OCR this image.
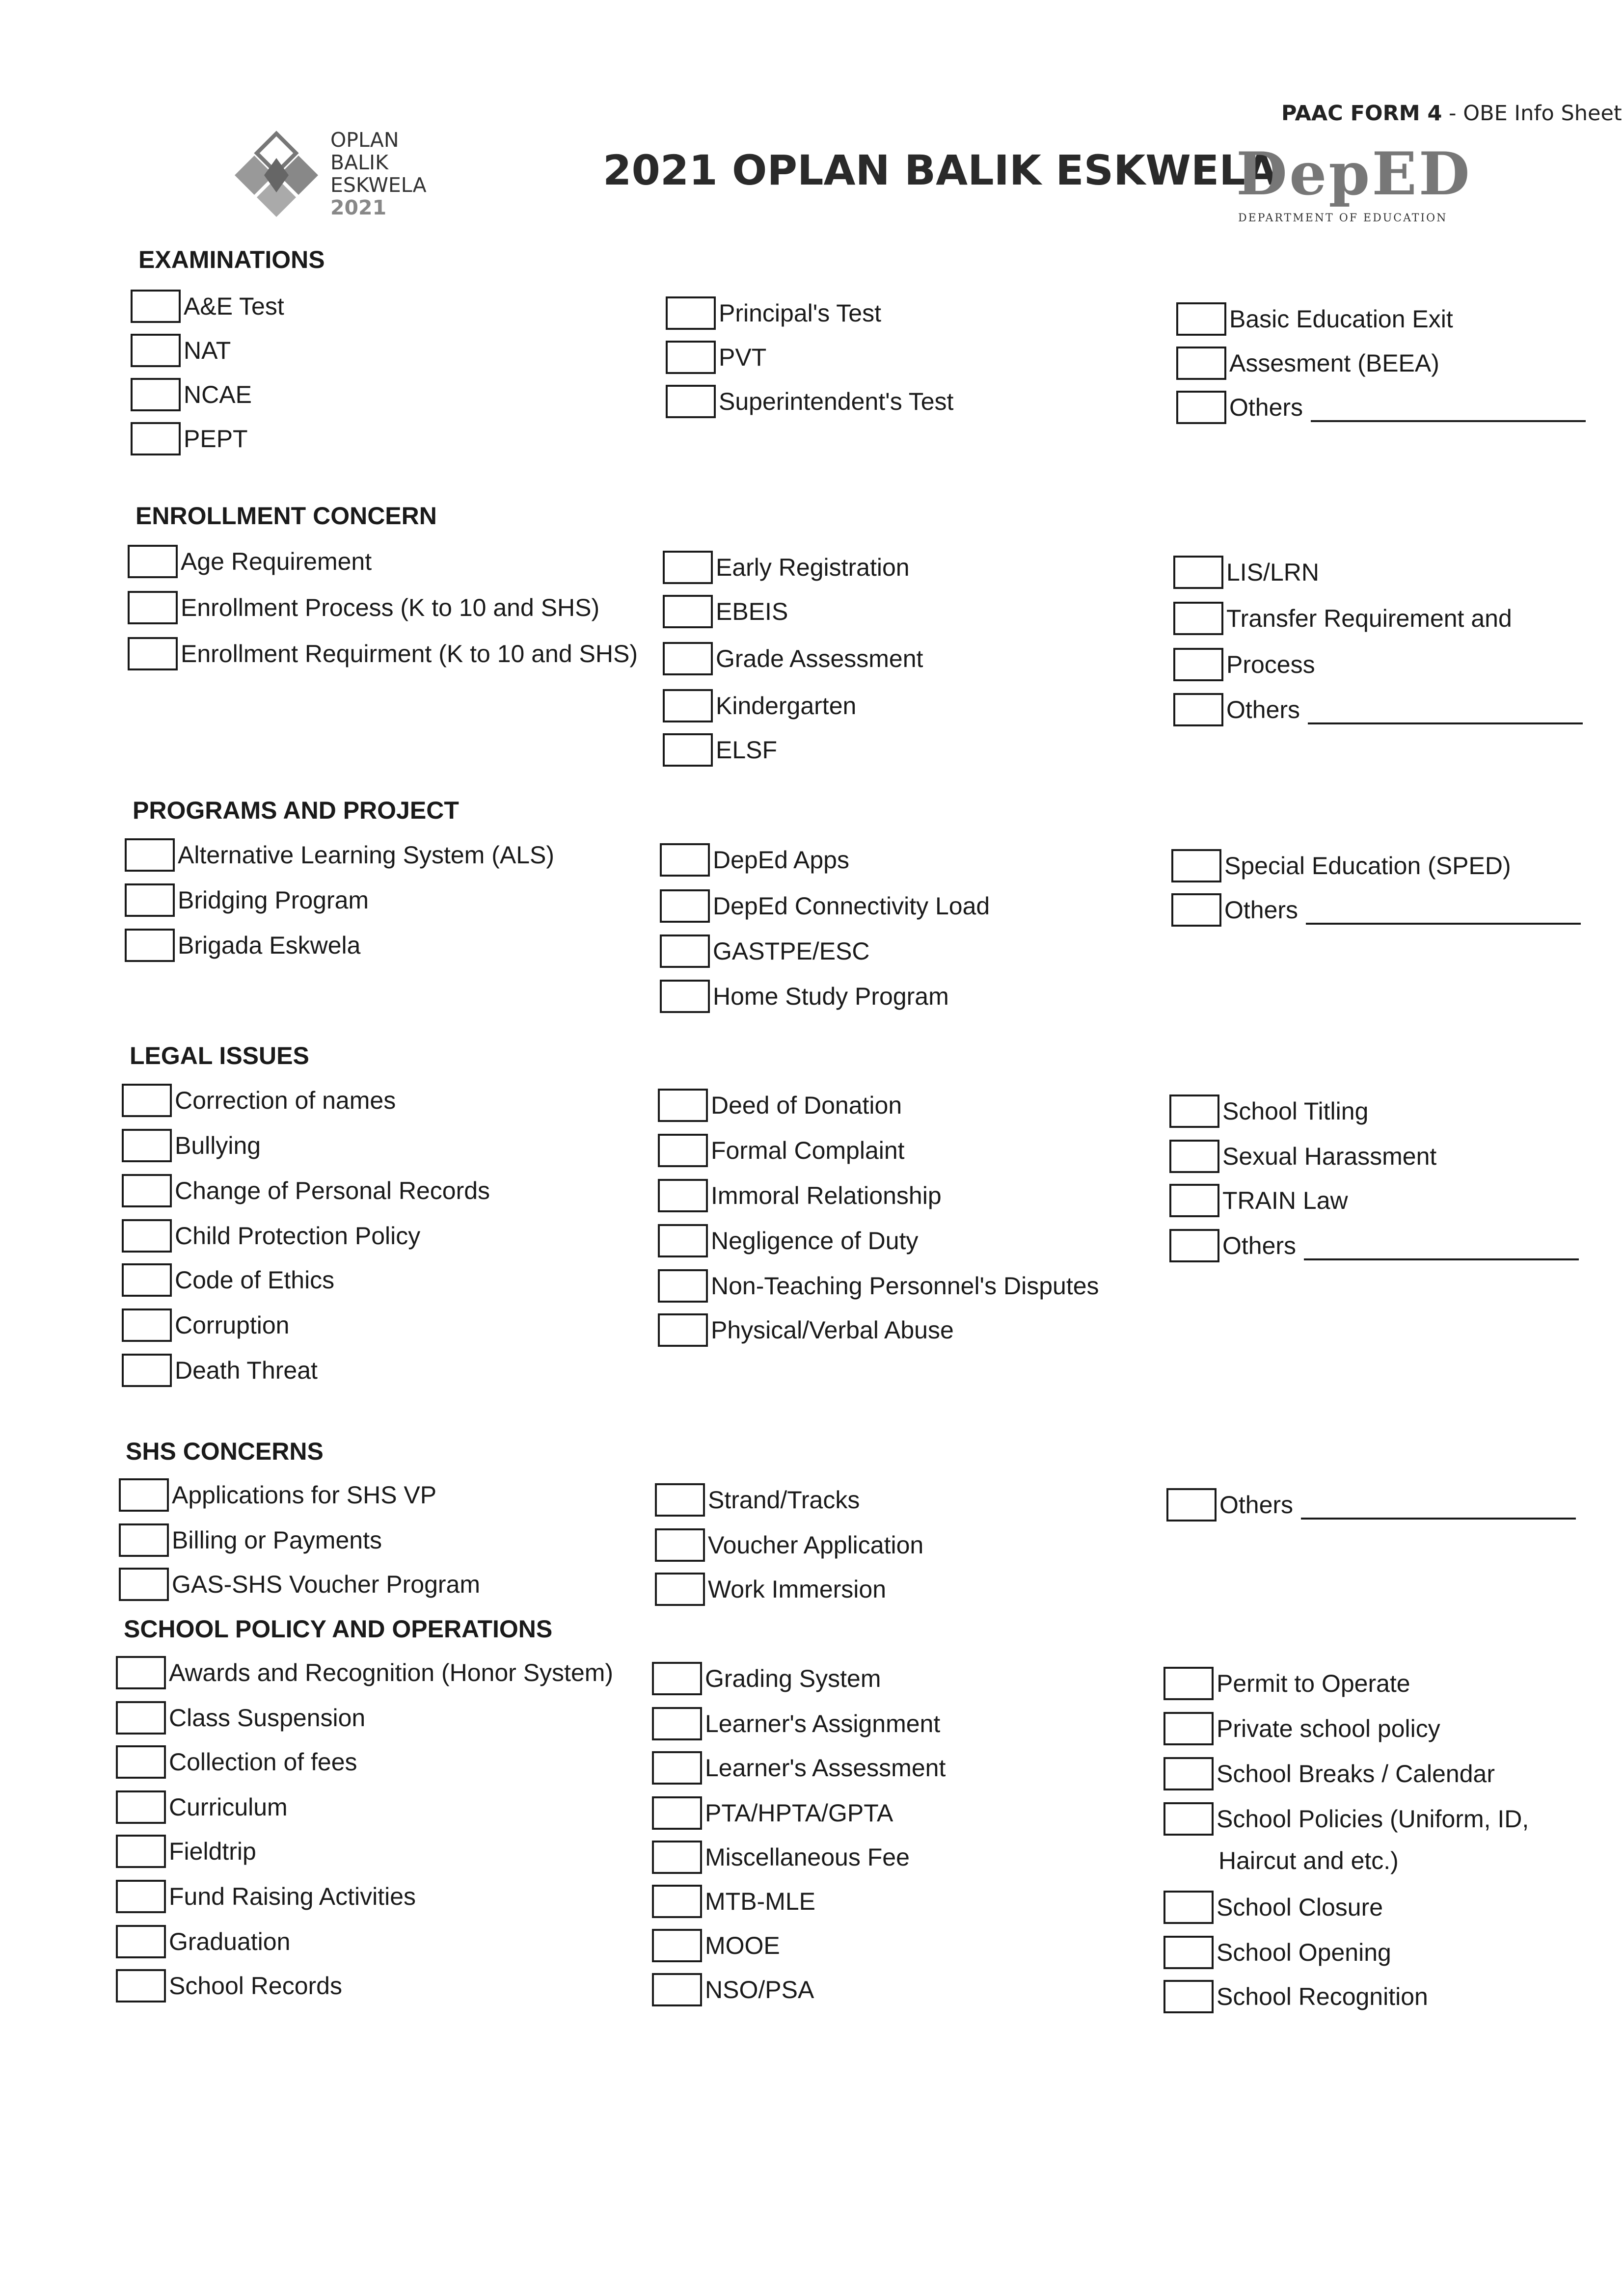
PAAC FORM 4 - OBE Info Sheet
OPLAN
BALIK
ESKWELA
2021
2021 OPLAN BALIK ESKWELA
DepED
DEPARTMENT OF EDUCATION
EXAMINATIONS
A&E Test
NAT
NCAE
PEPT
Principal's Test
PVT
Superintendent's Test
Basic Education Exit
Assesment (BEEA)
Others
ENROLLMENT CONCERN
Age Requirement
Enrollment Process (K to 10 and SHS)
Enrollment Requirment (K to 10 and SHS)
Early Registration
EBEIS
Grade Assessment
Kindergarten
ELSF
LIS/LRN
Transfer Requirement and
Process
Others
PROGRAMS AND PROJECT
Alternative Learning System (ALS)
Bridging Program
Brigada Eskwela
DepEd Apps
DepEd Connectivity Load
GASTPE/ESC
Home Study Program
Special Education (SPED)
Others
LEGAL ISSUES
Correction of names
Bullying
Change of Personal Records
Child Protection Policy
Code of Ethics
Corruption
Death Threat
Deed of Donation
Formal Complaint
Immoral Relationship
Negligence of Duty
Non-Teaching Personnel's Disputes
Physical/Verbal Abuse
School Titling
Sexual Harassment
TRAIN Law
Others
SHS CONCERNS
Applications for SHS VP
Billing or Payments
GAS-SHS Voucher Program
Strand/Tracks
Voucher Application
Work Immersion
Others
SCHOOL POLICY AND OPERATIONS
Awards and Recognition (Honor System)
Class Suspension
Collection of fees
Curriculum
Fieldtrip
Fund Raising Activities
Graduation
School Records
Grading System
Learner's Assignment
Learner's Assessment
PTA/HPTA/GPTA
Miscellaneous Fee
MTB-MLE
MOOE
NSO/PSA
Permit to Operate
Private school policy
School Breaks / Calendar
School Policies (Uniform, ID,
Haircut and etc.)
School Closure
School Opening
School Recognition
